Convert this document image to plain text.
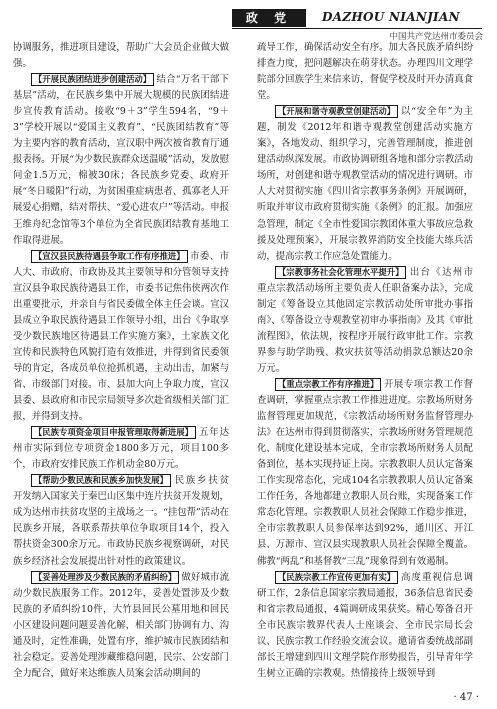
政 党	DAZHOU NIANJIAN
中国共产党达州市委员会

协调服务，推进项目建设，帮助广大会员企业做大做强。

【开展民族团结进步创建活动】 结合“万名干部下基层”活动，在民族乡集中开展大规模的民族团结进步宣传教育活动。接收“9＋3”学生594名，“9＋3”学校开展以“爱国主义教育”、“民族团结教育”等为主要内容的教育活动，宣汉职中两次被省教育厅通报表扬。开展“为少数民族群众送温暖”活动，发放慰问金1.5万元，棉被30床；各民族乡党委、政府开展“冬日暖阳”行动，为贫困重症病患者、孤寡老人开展爱心捐赠，结对帮扶、“爱心进农户”等活动。申报王维舟纪念馆等3个单位为全省民族团结教育基地工作取得进展。

【宣汉县民族待遇县争取工作有序推进】 市委、市人大、市政府、市政协及其主要领导和分管领导支持宣汉县争取民族待遇县工作，市委书记焦伟侠两次作出重要批示，并亲自与省民委做全体主任会谈。宣汉县成立争取民族待遇县工作领导小组，出台《争取享受少数民族地区待遇县工作实施方案》，土家族文化宣传和民族特色风貌打造有效推进，并得到省民委领导的肯定，各成员单位抢抓机遇，主动出击，加紧与省、市级部门对接。市、县加大向上争取力度，宣汉县委、县政府和市民宗局领导多次赴省级相关部门汇报，并得到支持。

【民族专项资金项目申报管理取得新进展】 五年达州市实际到位专项资金1800多万元，项目100多个，市政府安排民族工作机动金80万元。

【帮助少数民族和民族乡加快发展】 民族乡扶贫开发纳入国家关于秦巴山区集中连片扶贫开发规划，成为达州市扶贫攻坚的主战场之一。“挂包帮”活动在民族乡开展，各联系帮扶单位争取项目14个，投入帮扶资金300余万元。市政协民族乡视察调研，对民族乡经济社会发展提出针对性的政策建议。

【妥善处理涉及少数民族的矛盾纠纷】 做好城市流动少数民族服务工作。2012年，妥善处置涉及少数民族的矛盾纠纷10件，大竹县回民公墓用地和回民小区建设问题问题妥善化解，相关部门协调有力、沟通及时，定性准确，处置有序，维护城市民族团结和社会稳定。妥善处理涉藏维稳问题，民宗、公安部门全力配合，做好来达维族人员案会活动期间的

疏导工作，确保活动安全有序。加大各民族矛盾纠纷排查力度，把问题解决在萌芽状态。办理四川文理学院部分回族学生来信来访，督促学校及时开办清真食堂。

【开展和谐寺观教堂创建活动】 以“安全年”为主题，制发《2012年和谐寺观教堂创建活动实施方案》，各地发动、组织学习，完善管理制度，推进创建活动纵深发展。市政协调研组各地和部分宗教活动场所，对创建和谐寺观教堂活动的情况进行调研。市人大对贯彻实施《四川省宗教事务条例》开展调研，听取并审议市政府贯彻实施《条例》的汇报。加强应急管理，制定《全市性爱国宗教团体重大事故应急救援及处理预案》，开展宗教界消防安全技能大练兵活动，提高宗教工作应急处置能力。

【宗教事务社会化管理水平提升】 出台《达州市重点宗教活动场所主要负责人任职备案办法》，完成制定《筹备设立其他固定宗教活动处所审批办事指南》、《筹备设立寺观教堂初审办事指南》及其《审批流程图》，依法规，按程序开展行政审批工作。宗教界参与助学助残、救灾扶贫等活动捐款总额达20余万元。

【重点宗教工作有序推进】 开展专项宗教工作督查调研，掌握重点宗教工作推进进度。宗教场所财务监督管理更加规范，《宗教活动场所财务监督管理办法》在达州市得到贯彻落实，宗教场所财务管理规范化、制度化建设基本完成，全市宗教场所财务人员配备到位，基本实现持证上岗。宗教教职人员认定备案工作实现常态化，完成104名宗教教职人员认定备案工作任务，各地都建立教职人员台账，实现备案工作常态化管理。宗教教职人员社会保障工作稳步推进，全市宗教教职人员参保率达到92%，通川区、开江县、万源市、宣汉县实现教职人员社会保障全覆盖。佛教“两乱”和基督教“三乱”现象得到有效遏制。

【民族宗教工作宣传更加有实】 高度重视信息调研工作，2条信息国家宗教局通报，36条信息省民委和省宗教局通报，4篇调研成果获奖。精心筹备召开全市民族宗教界代表人士座谈会、全市民宗局长会议、民族宗教工作经验交流会议。邀请省委统战部副部长王增建到四川文理学院作形势报告，引导青年学生树立正确的宗教观。热情接待上级领导到

· 47 ·
